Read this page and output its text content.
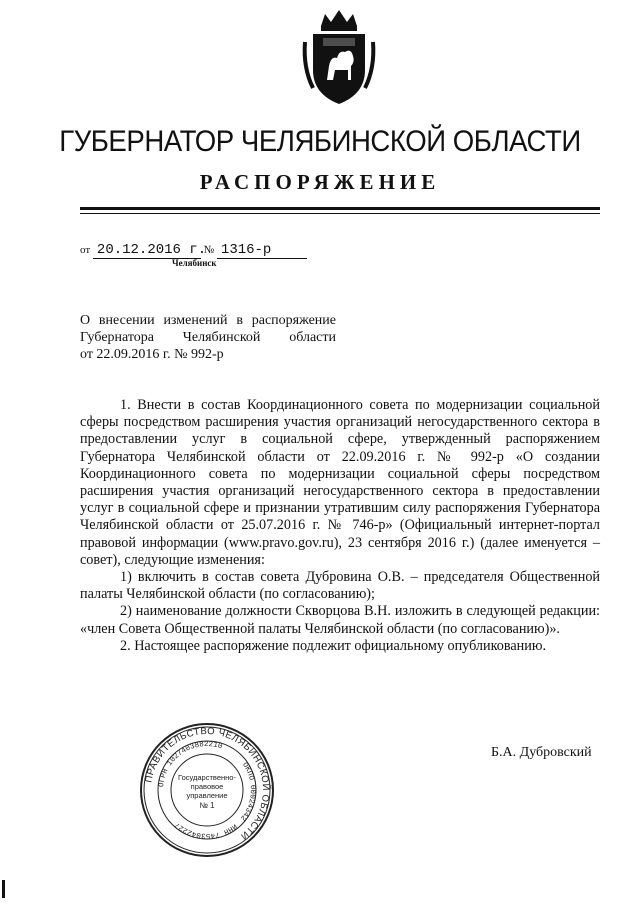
ГУБЕРНАТОР ЧЕЛЯБИНСКОЙ ОБЛАСТИ
РАСПОРЯЖЕНИЕ
от 20.12.2016 г. № 1316-р
Челябинск
О внесении изменений в распоряжение
Губернатора Челябинской области
от 22.09.2016 г. № 992-р

1. Внести в состав Координационного совета по модернизации социальной сферы посредством расширения участия организаций негосударственного сектора в предоставлении услуг в социальной сфере, утвержденный распоряжением Губернатора Челябинской области от 22.09.2016 г. № 992-р «О создании Координационного совета по модернизации социальной сферы посредством расширения участия организаций негосударственного сектора в предоставлении услуг в социальной сфере и признании утратившим силу распоряжения Губернатора Челябинской области от 25.07.2016 г. № 746-р» (Официальный интернет-портал правовой информации (www.pravo.gov.ru), 23 сентября 2016 г.) (далее именуется – совет), следующие изменения:

1) включить в состав совета Дубровина О.В. – председателя Общественной палаты Челябинской области (по согласованию);

2) наименование должности Скворцова В.Н. изложить в следующей редакции: «член Совета Общественной палаты Челябинской области (по согласованию)».

2. Настоящее распоряжение подлежит официальному опубликованию.

Б.А. Дубровский
ПРАВИТЕЛЬСТВО ЧЕЛЯБИНСКОЙ ОБЛАСТИ
ОГРН 1027403882210
ОКПО 00024342
ИНН 7453042227
Государственно-
правовое
управление
№ 1
